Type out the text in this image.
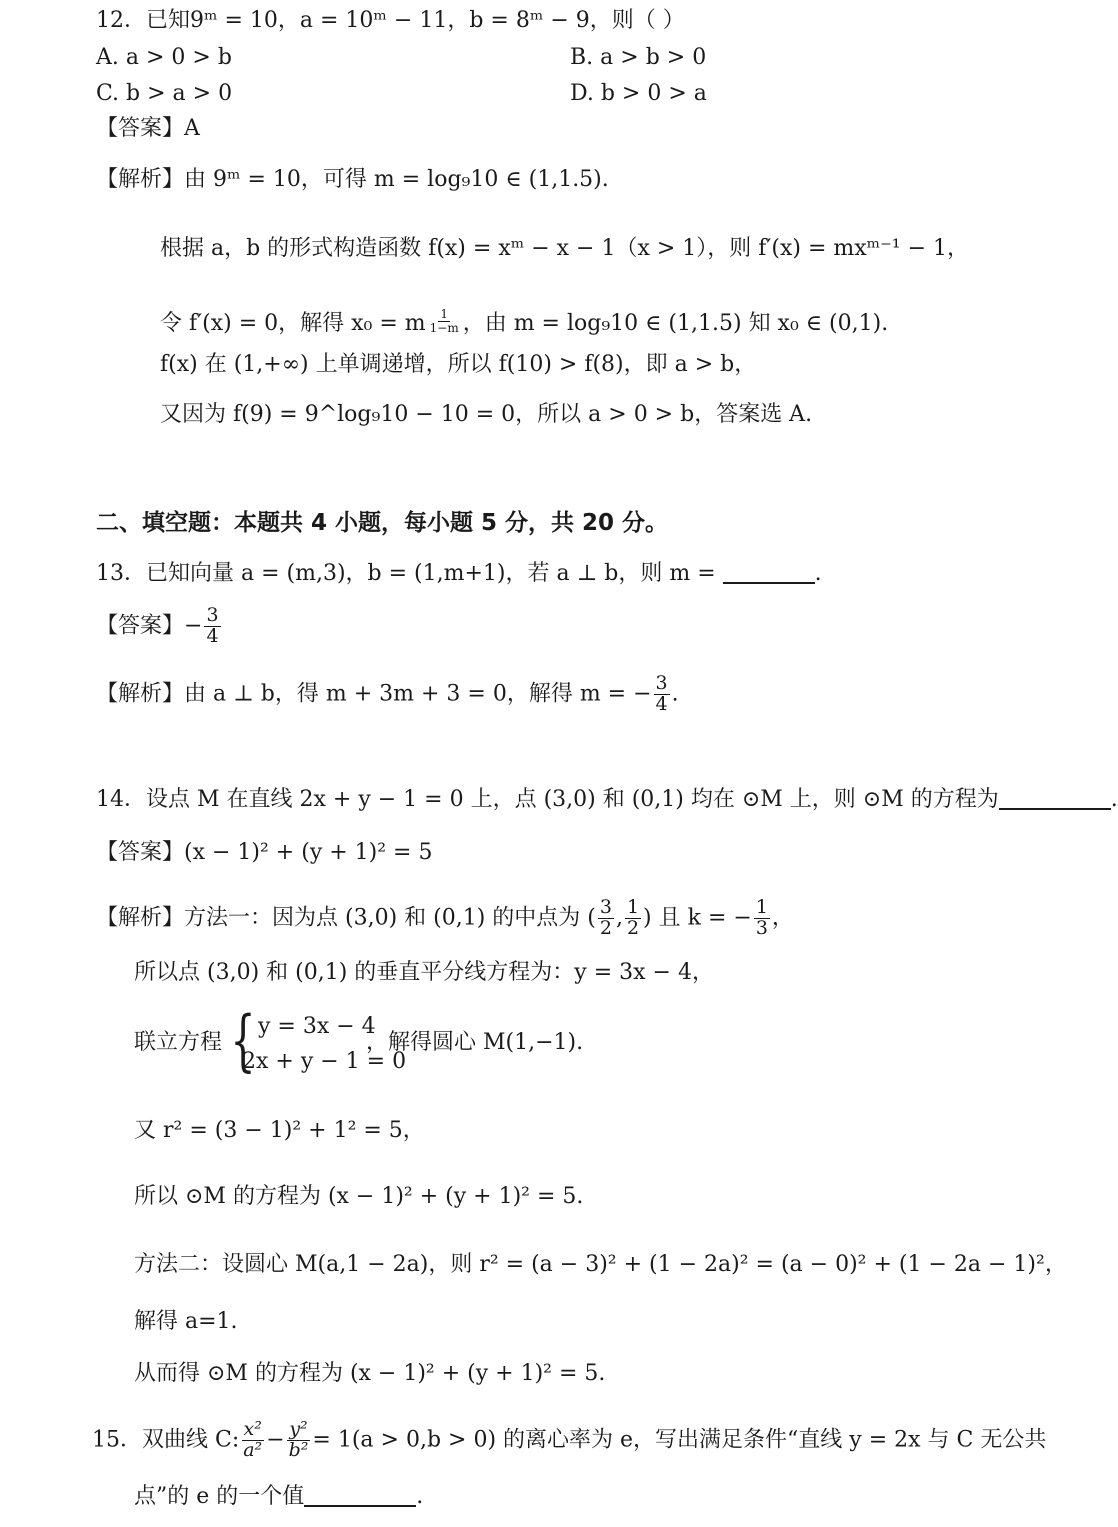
12．已知9ᵐ = 10，a = 10ᵐ − 11，b = 8ᵐ − 9，则（ ）
A. a > 0 > b	B. a > b > 0
C. b > a > 0	D. b > 0 > a
【答案】A
【解析】由 9ᵐ = 10，可得 m = log₉10 ∈ (1,1.5).
根据 a，b 的形式构造函数 f(x) = xᵐ − x − 1（x > 1），则 f′(x) = mxᵐ⁻¹ − 1，
令 f′(x) = 0，解得 x₀ = m $\frac{1}{1-m}$ ，由 m = log₉10 ∈ (1,1.5) 知 x₀ ∈ (0,1).
f(x) 在 (1,+∞) 上单调递增，所以 f(10) > f(8)，即 a > b，
又因为 f(9) = 9^log₉10 − 10 = 0，所以 a > 0 > b，答案选 A.
二、填空题：本题共 4 小题，每小题 5 分，共 20 分。
13．已知向量 a = (m,3)，b = (1,m+1)，若 a ⊥ b，则 m =	.
【答案】− $\frac{3}{4}$
【解析】由 a ⊥ b，得 m + 3m + 3 = 0，解得 m = − $\frac{3}{4}$ .
14．设点 M 在直线 2x + y − 1 = 0 上，点 (3,0) 和 (0,1) 均在 ⊙M 上，则 ⊙M 的方程为	.
【答案】(x − 1)² + (y + 1)² = 5
【解析】方法一：因为点 (3,0) 和 (0,1) 的中点为 ( $\frac{3}{2}$ , $\frac{1}{2}$ ) 且 k = − $\frac{1}{3}$ ，
所以点 (3,0) 和 (0,1) 的垂直平分线方程为：y = 3x − 4，
联立方程 { y = 3x − 4
2x + y − 1 = 0
，解得圆心 M(1,−1).
又 r² = (3 − 1)² + 1² = 5，
所以 ⊙M 的方程为 (x − 1)² + (y + 1)² = 5.
方法二：设圆心 M(a,1 − 2a)，则 r² = (a − 3)² + (1 − 2a)² = (a − 0)² + (1 − 2a − 1)²，
解得 a=1.
从而得 ⊙M 的方程为 (x − 1)² + (y + 1)² = 5.
15．双曲线 C: $\frac{\text{x²}}{\text{a²}} - \frac{\text{y²}}{\text{b²}} = 1(a > 0,b > 0)$ 的离心率为 e，写出满足条件“直线 y = 2x 与 C 无公共
点”的 e 的一个值	.
